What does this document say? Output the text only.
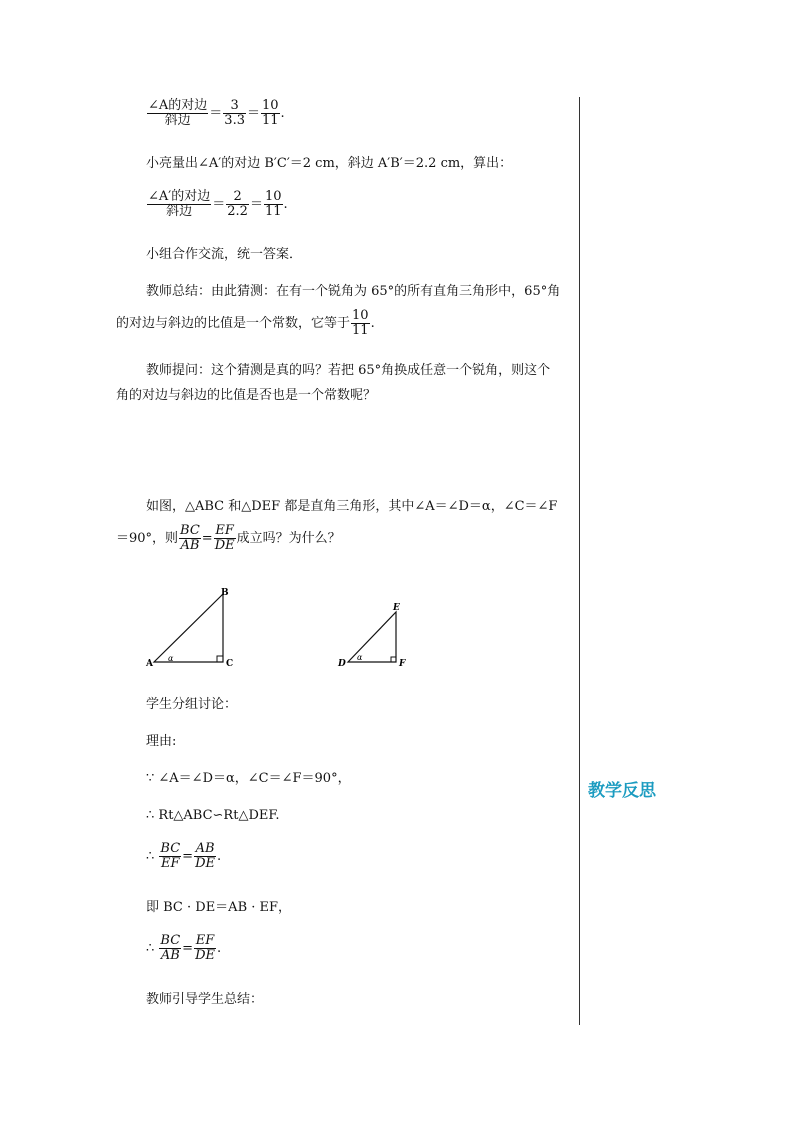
教学反思
$\frac{\text{∠A的对边}}{\text{斜边}} = \frac{3}{3.3} = \frac{10}{11}$ .
小亮量出∠A′的对边 B′C′＝2 cm，斜边 A′B′＝2.2 cm，算出：
$\frac{\text{∠A′的对边}}{\text{斜边}} = \frac{2}{2.2} = \frac{10}{11}$ .
小组合作交流，统一答案．
教师总结：由此猜测：在有一个锐角为 65°的所有直角三角形中，65°角
的对边与斜边的比值是一个常数，它等于 $\frac{10}{11}$ .
教师提问：这个猜测是真的吗？若把 65°角换成任意一个锐角，则这个
角的对边与斜边的比值是否也是一个常数呢？
如图，△ABC 和△DEF 都是直角三角形，其中∠A＝∠D＝α，∠C＝∠F
＝90°，则 $\frac{BC}{AB} = \frac{EF}{DE}$ 成立吗？为什么？
A
B
C
α
D
E
F
α
学生分组讨论：
理由:
∵ ∠A＝∠D＝α，∠C＝∠F＝90°，
∴ Rt△ABC∽Rt△DEF.
∴ $\frac{BC}{EF} = \frac{AB}{DE}$ .
即 BC · DE＝AB · EF，
∴ $\frac{BC}{AB} = \frac{EF}{DE}$ .
教师引导学生总结：
